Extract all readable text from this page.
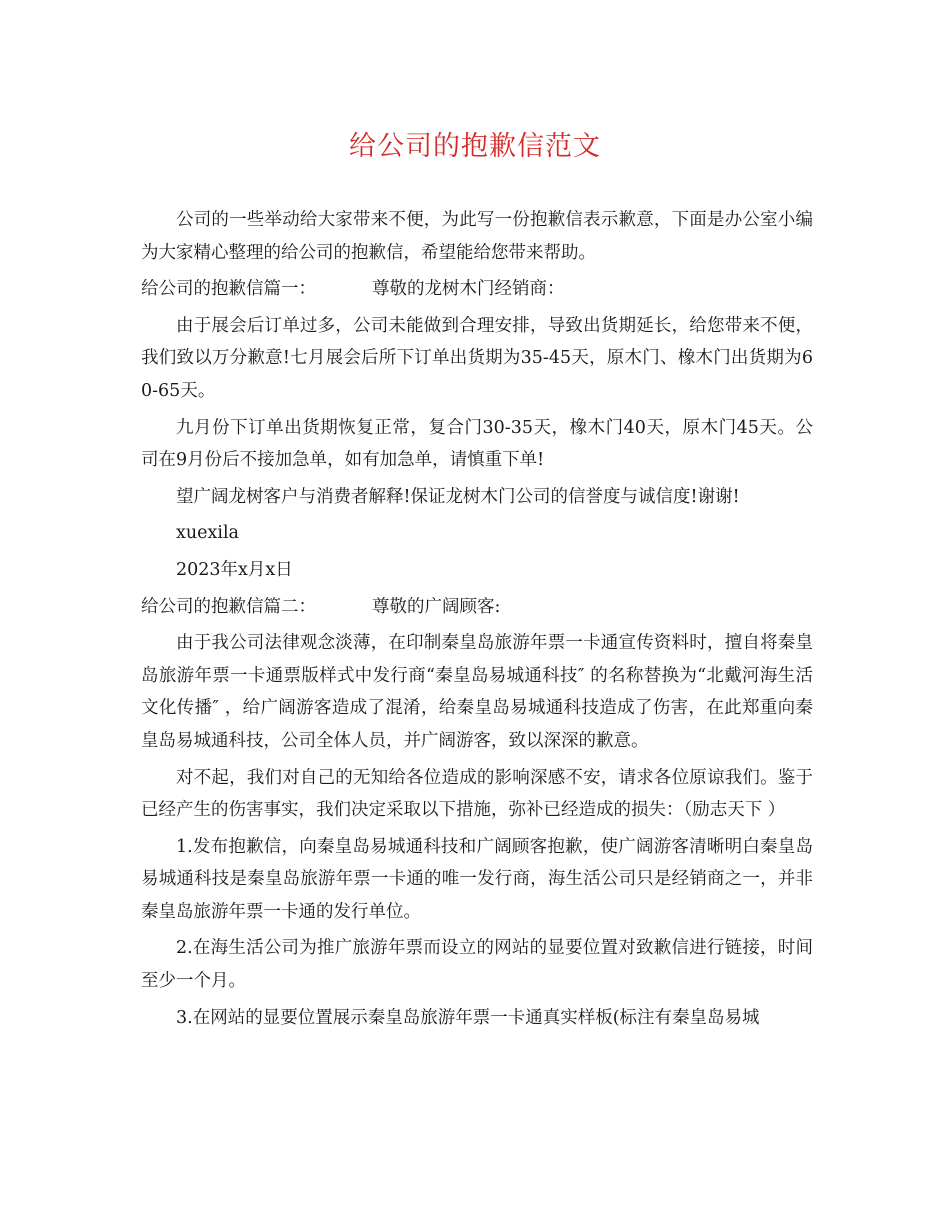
给公司的抱歉信范文

公司的一些举动给大家带来不便，为此写一份抱歉信表示歉意，下面是办公室小编为大家精心整理的给公司的抱歉信，希望能给您带来帮助。

给公司的抱歉信篇一：	尊敬的龙树木门经销商：

由于展会后订单过多，公司未能做到合理安排，导致出货期延长，给您带来不便，我们致以万分歉意!七月展会后所下订单出货期为35-45天，原木门、橡木门出货期为60-65天。

九月份下订单出货期恢复正常，复合门30-35天，橡木门40天，原木门45天。公司在9月份后不接加急单，如有加急单，请慎重下单!

望广阔龙树客户与消费者解释!保证龙树木门公司的信誉度与诚信度!谢谢!

xuexila

2023年x月x日

给公司的抱歉信篇二：	尊敬的广阔顾客:

由于我公司法律观念淡薄，在印制秦皇岛旅游年票一卡通宣传资料时，擅自将秦皇岛旅游年票一卡通票版样式中发行商“秦皇岛易城通科技″ 的名称替换为“北戴河海生活文化传播″ ，给广阔游客造成了混淆，给秦皇岛易城通科技造成了伤害，在此郑重向秦皇岛易城通科技，公司全体人员，并广阔游客，致以深深的歉意。

对不起，我们对自己的无知给各位造成的影响深感不安，请求各位原谅我们。鉴于已经产生的伤害事实，我们决定采取以下措施，弥补已经造成的损失：（励志天下 ）

1.发布抱歉信，向秦皇岛易城通科技和广阔顾客抱歉，使广阔游客清晰明白秦皇岛易城通科技是秦皇岛旅游年票一卡通的唯一发行商，海生活公司只是经销商之一，并非秦皇岛旅游年票一卡通的发行单位。

2.在海生活公司为推广旅游年票而设立的网站的显要位置对致歉信进行链接，时间至少一个月。

3.在网站的显要位置展示秦皇岛旅游年票一卡通真实样板(标注有秦皇岛易城
